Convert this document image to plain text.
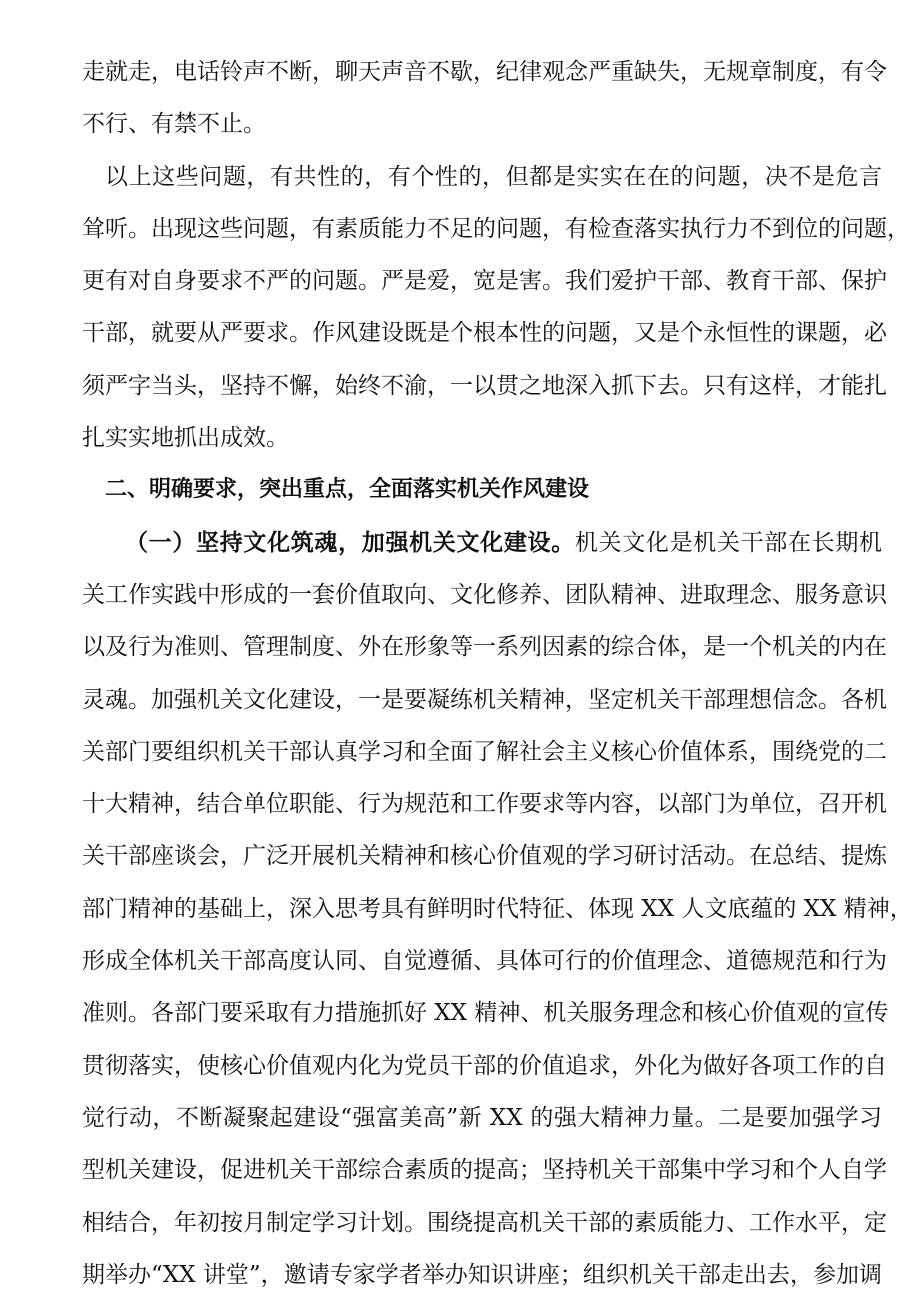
走就走，电话铃声不断，聊天声音不歇，纪律观念严重缺失，无规章制度，有令
不行、有禁不止。
以上这些问题，有共性的，有个性的，但都是实实在在的问题，决不是危言
耸听。出现这些问题，有素质能力不足的问题，有检查落实执行力不到位的问题，
更有对自身要求不严的问题。严是爱，宽是害。我们爱护干部、教育干部、保护
干部，就要从严要求。作风建设既是个根本性的问题，又是个永恒性的课题，必
须严字当头，坚持不懈，始终不渝，一以贯之地深入抓下去。只有这样，才能扎
扎实实地抓出成效。
二、明确要求，突出重点，全面落实机关作风建设
（一）坚持文化筑魂，加强机关文化建设。机关文化是机关干部在长期机
关工作实践中形成的一套价值取向、文化修养、团队精神、进取理念、服务意识
以及行为准则、管理制度、外在形象等一系列因素的综合体，是一个机关的内在
灵魂。加强机关文化建设，一是要凝练机关精神，坚定机关干部理想信念。各机
关部门要组织机关干部认真学习和全面了解社会主义核心价值体系，围绕党的二
十大精神，结合单位职能、行为规范和工作要求等内容，以部门为单位，召开机
关干部座谈会，广泛开展机关精神和核心价值观的学习研讨活动。在总结、提炼
部门精神的基础上，深入思考具有鲜明时代特征、体现 XX 人文底蕴的 XX 精神，
形成全体机关干部高度认同、自觉遵循、具体可行的价值理念、道德规范和行为
准则。各部门要采取有力措施抓好 XX 精神、机关服务理念和核心价值观的宣传
贯彻落实，使核心价值观内化为党员干部的价值追求，外化为做好各项工作的自
觉行动，不断凝聚起建设“强富美高”新 XX 的强大精神力量。二是要加强学习
型机关建设，促进机关干部综合素质的提高；坚持机关干部集中学习和个人自学
相结合，年初按月制定学习计划。围绕提高机关干部的素质能力、工作水平，定
期举办“XX 讲堂”，邀请专家学者举办知识讲座；组织机关干部走出去，参加调
